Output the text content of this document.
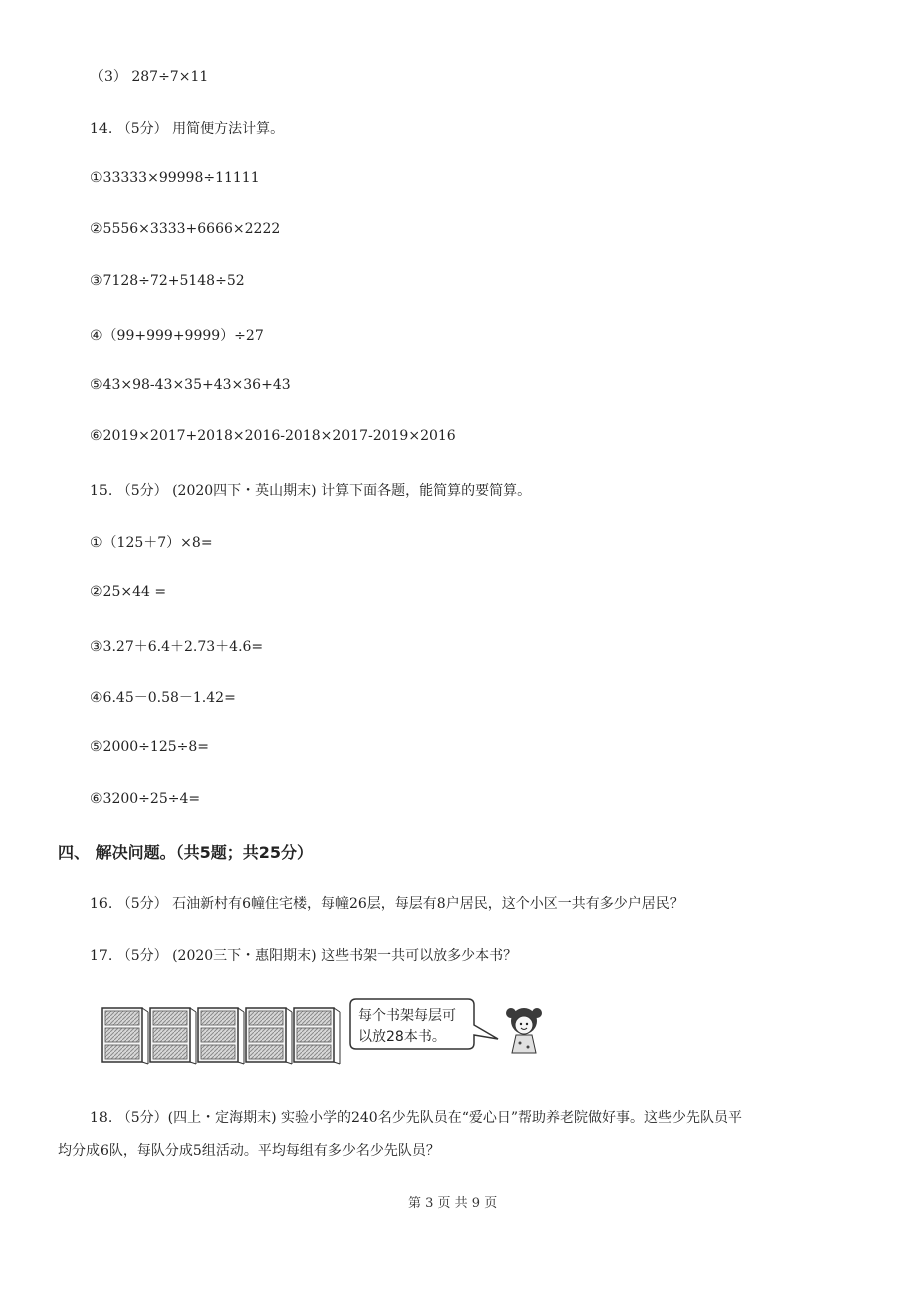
（3） 287÷7×11
14. （5分） 用简便方法计算。
①33333×99998÷11111
②5556×3333+6666×2222
③7128÷72+5148÷52
④（99+999+9999）÷27
⑤43×98-43×35+43×36+43
⑥2019×2017+2018×2016-2018×2017-2019×2016
15. （5分） (2020四下・英山期末) 计算下面各题，能简算的要简算。
①（125＋7）×8=
②25×44 =
③3.27＋6.4＋2.73＋4.6=
④6.45－0.58－1.42=
⑤2000÷125÷8=
⑥3200÷25÷4=
四、 解决问题。（共5题；共25分）
16. （5分） 石油新村有6幢住宅楼，每幢26层，每层有8户居民，这个小区一共有多少户居民？
17. （5分） (2020三下・惠阳期末) 这些书架一共可以放多少本书？
每个书架每层可
以放28本书。
18. （5分）(四上・定海期末) 实验小学的240名少先队员在“爱心日”帮助养老院做好事。这些少先队员平
均分成6队，每队分成5组活动。平均每组有多少名少先队员？
第 3 页 共 9 页
